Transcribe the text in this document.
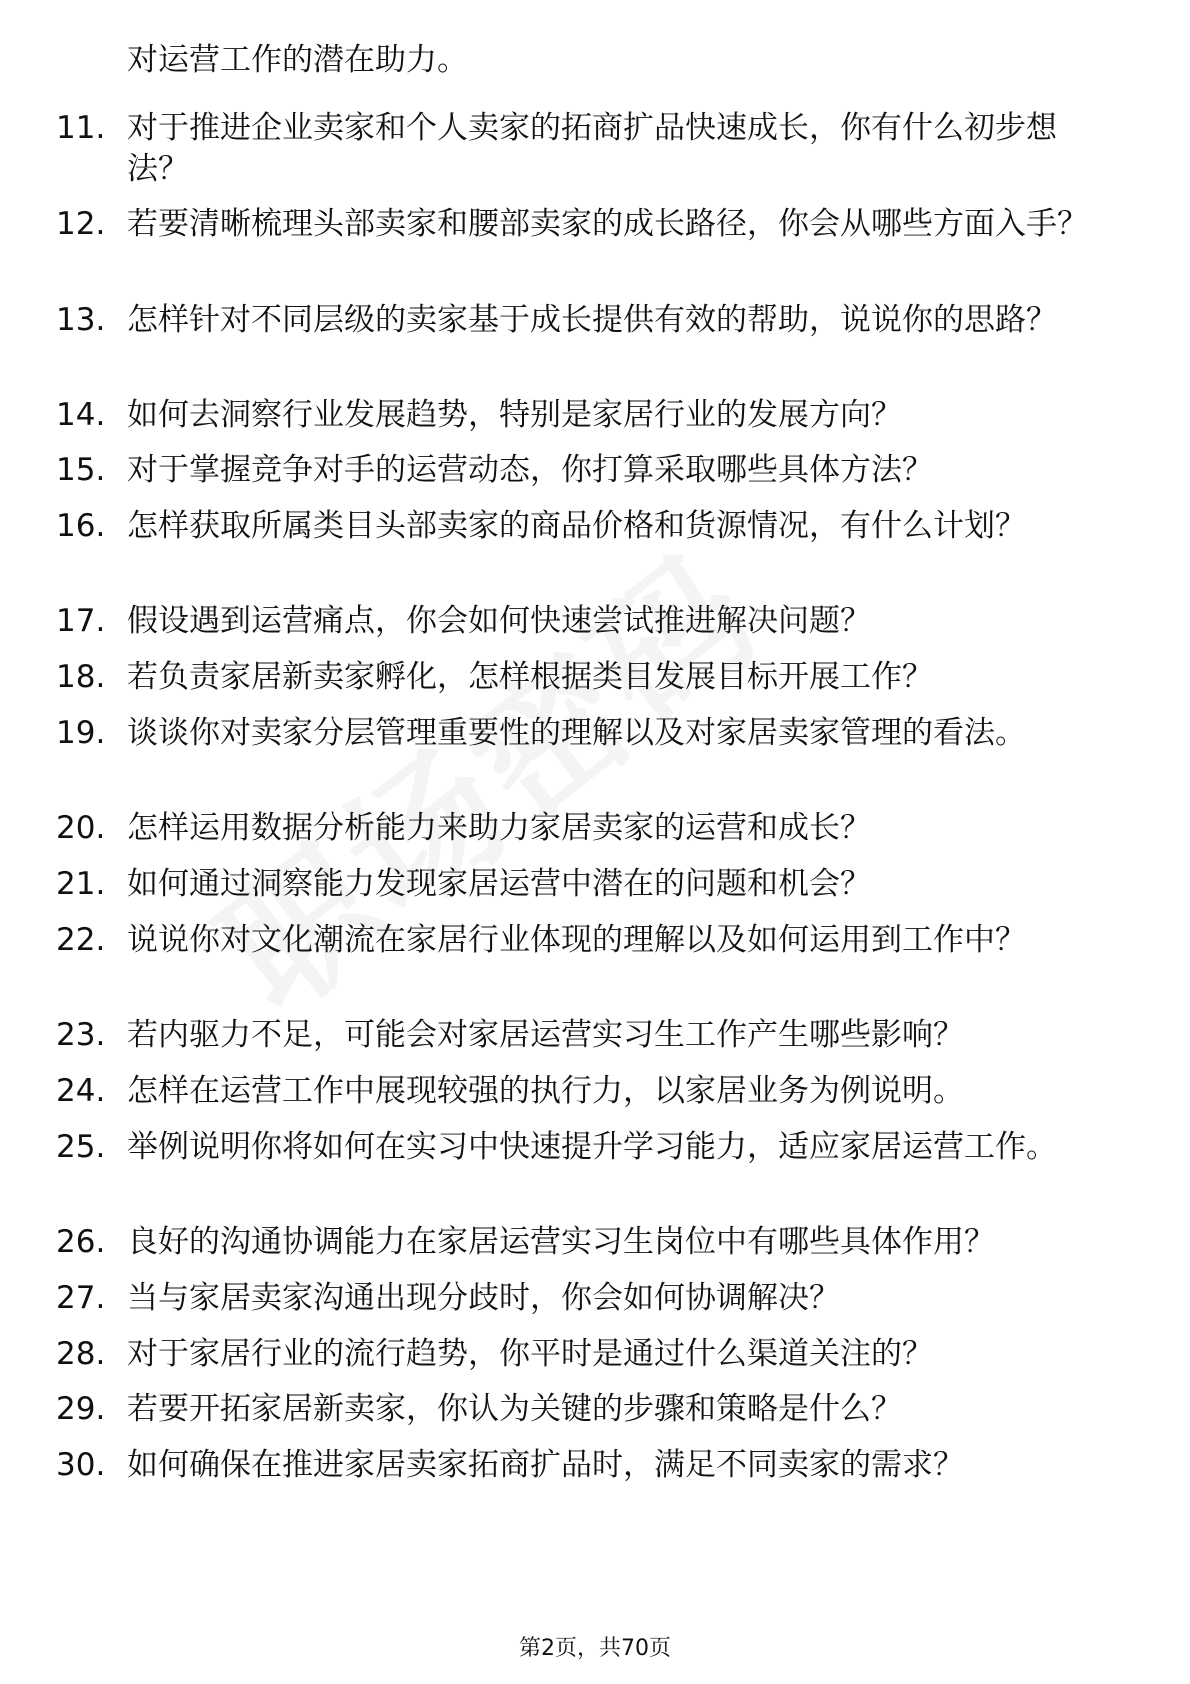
对运营工作的潜在助力。
11. 对于推进企业卖家和个人卖家的拓商扩品快速成长，你有什么初步想法？
12. 若要清晰梳理头部卖家和腰部卖家的成长路径，你会从哪些方面入手？
13. 怎样针对不同层级的卖家基于成长提供有效的帮助，说说你的思路？
14. 如何去洞察行业发展趋势，特别是家居行业的发展方向？
15. 对于掌握竞争对手的运营动态，你打算采取哪些具体方法？
16. 怎样获取所属类目头部卖家的商品价格和货源情况，有什么计划？
17. 假设遇到运营痛点，你会如何快速尝试推进解决问题？
18. 若负责家居新卖家孵化，怎样根据类目发展目标开展工作？
19. 谈谈你对卖家分层管理重要性的理解以及对家居卖家管理的看法。
20. 怎样运用数据分析能力来助力家居卖家的运营和成长？
21. 如何通过洞察能力发现家居运营中潜在的问题和机会？
22. 说说你对文化潮流在家居行业体现的理解以及如何运用到工作中？
23. 若内驱力不足，可能会对家居运营实习生工作产生哪些影响？
24. 怎样在运营工作中展现较强的执行力，以家居业务为例说明。
25. 举例说明你将如何在实习中快速提升学习能力，适应家居运营工作。
26. 良好的沟通协调能力在家居运营实习生岗位中有哪些具体作用？
27. 当与家居卖家沟通出现分歧时，你会如何协调解决？
28. 对于家居行业的流行趋势，你平时是通过什么渠道关注的？
29. 若要开拓家居新卖家，你认为关键的步骤和策略是什么？
30. 如何确保在推进家居卖家拓商扩品时，满足不同卖家的需求？
第2页，共70页
